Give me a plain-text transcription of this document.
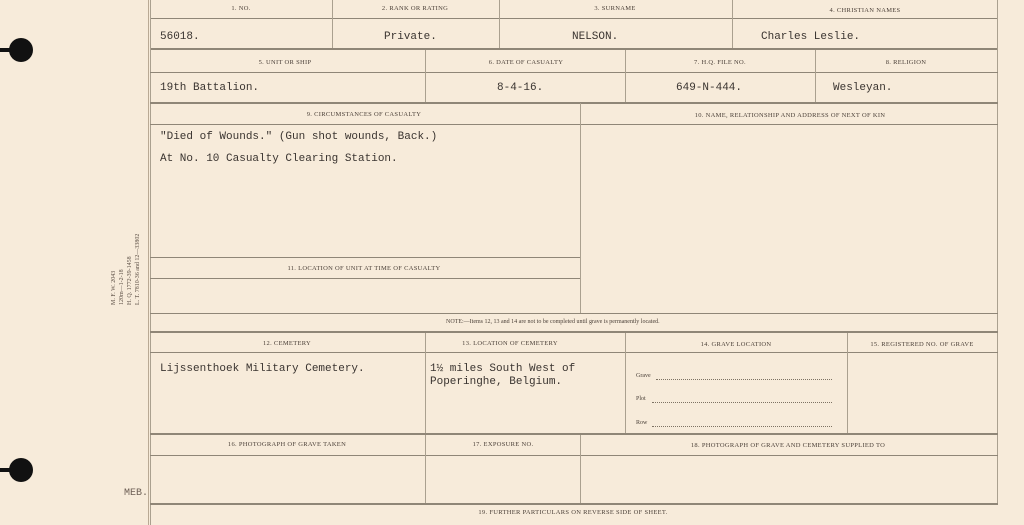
M. F. W. 2043 120m—1-2-18 H. Q. 1772-39-1458 L. T. 7810-36 and 12—33802
MEB.
1. NO.	2. RANK OR RATING	3. SURNAME	4. CHRISTIAN NAMES
56018.	Private.	NELSON.	Charles Leslie.
5. UNIT OR SHIP	6. DATE OF CASUALTY	7. H.Q. FILE NO.	8. RELIGION
19th Battalion.	8-4-16.	649-N-444.	Wesleyan.
9. CIRCUMSTANCES OF CASUALTY	10. NAME, RELATIONSHIP AND ADDRESS OF NEXT OF KIN
"Died of Wounds." (Gun shot wounds, Back.)
At No. 10 Casualty Clearing Station.
11. LOCATION OF UNIT AT TIME OF CASUALTY
NOTE:—Items 12, 13 and 14 are not to be completed until grave is permanently located.
12. CEMETERY	13. LOCATION OF CEMETERY	14. GRAVE LOCATION	15. REGISTERED NO. OF GRAVE
Lijssenthoek Military Cemetery.	1½ miles South West of
Poperinghe, Belgium.	Grave
Plot
Row
16. PHOTOGRAPH OF GRAVE TAKEN	17. EXPOSURE NO.	18. PHOTOGRAPH OF GRAVE AND CEMETERY SUPPLIED TO
19. FURTHER PARTICULARS ON REVERSE SIDE OF SHEET.
